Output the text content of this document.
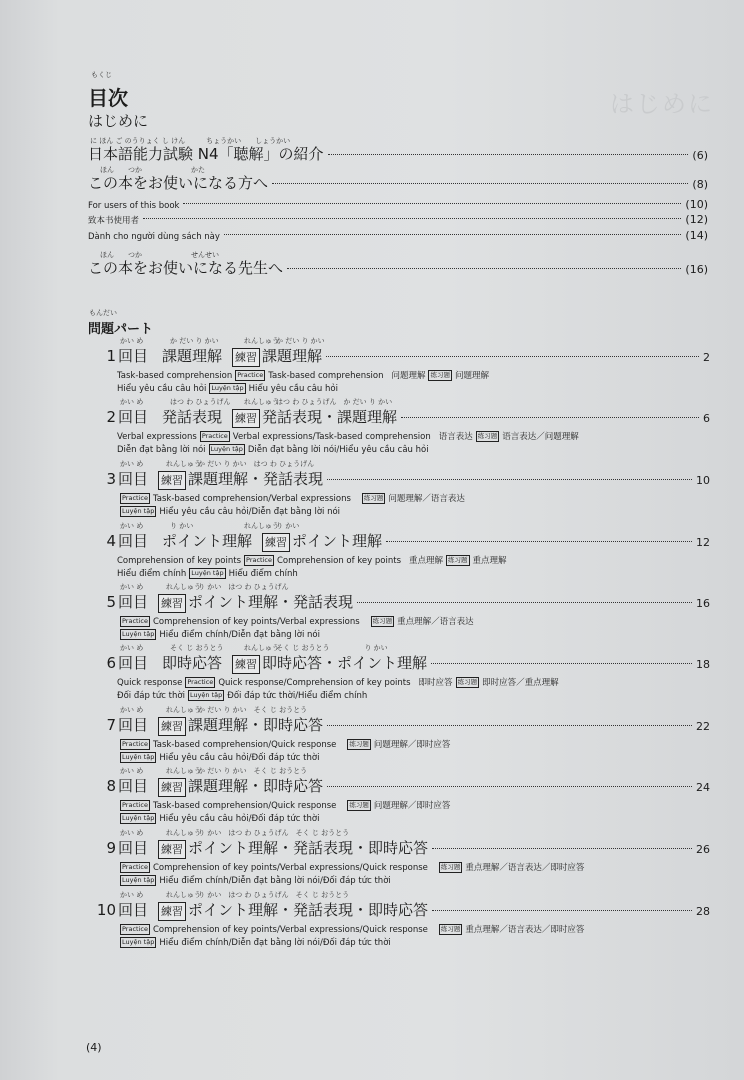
はじめに
もくじ
目次
はじめに
に ほん ご のうりょく し けん　　　ちょうかい　　しょうかい
日本語能力試験 N4「聴解」の紹介	(6)
ほん　　つか　　　　　　　かた
この本をお使いになる方へ	(8)
For users of this book	(10)
致本书使用者	(12)
Dành cho người dùng sách này	(14)
ほん　　つか　　　　　　　せんせい
この本をお使いになる先生へ	(16)
もんだい
問題パート
かい め	か だい り かい	れんしゅう
か だい り かい
1 回目 課題理解 練習 課題理解	2
Task-based comprehension Practice Task-based comprehension 问题理解 练习题 问题理解
Hiểu yêu cầu câu hỏi Luyện tập Hiểu yêu cầu câu hỏi
かい め	はつ わ ひょうげん れんしゅう
はつ わ ひょうげん　か だい り かい
2 回目 発話表現 練習 発話表現・課題理解	6
Verbal expressions Practice Verbal expressions/Task-based comprehension 语言表达 练习题 语言表达／问题理解
Diễn đạt bằng lời nói Luyện tập Diễn đạt bằng lời nói/Hiểu yêu cầu câu hỏi
かい め	れんしゅう
か だい り かい　はつ わ ひょうげん
3 回目 練習 課題理解・発話表現	10
Practice Task-based comprehension/Verbal expressions 练习题 问题理解／语言表达
Luyện tập Hiểu yêu cầu câu hỏi/Diễn đạt bằng lời nói
かい め	り かい	れんしゅう
り かい
4 回目 ポイント理解 練習 ポイント理解	12
Comprehension of key points Practice Comprehension of key points 重点理解 练习题 重点理解
Hiểu điểm chính Luyện tập Hiểu điểm chính
かい め	れんしゅう
り かい　はつ わ ひょうげん
5 回目 練習 ポイント理解・発話表現	16
Practice Comprehension of key points/Verbal expressions 练习题 重点理解／语言表达
Luyện tập Hiểu điểm chính/Diễn đạt bằng lời nói
かい め	そく じ おうとう	れんしゅう
そく じ おうとう　　　　　り かい
6 回目 即時応答 練習 即時応答・ポイント理解	18
Quick response Practice Quick response/Comprehension of key points 即时应答 练习题 即时应答／重点理解
Đối đáp tức thời Luyện tập Đối đáp tức thời/Hiểu điểm chính
かい め	れんしゅう
か だい り かい　そく じ おうとう
7 回目 練習 課題理解・即時応答	22
Practice Task-based comprehension/Quick response 练习题 问题理解／即时应答
Luyện tập Hiểu yêu cầu câu hỏi/Đối đáp tức thời
かい め	れんしゅう
か だい り かい　そく じ おうとう
8 回目 練習 課題理解・即時応答	24
Practice Task-based comprehension/Quick response 练习题 问题理解／即时应答
Luyện tập Hiểu yêu cầu câu hỏi/Đối đáp tức thời
かい め	れんしゅう
り かい　はつ わ ひょうげん　そく じ おうとう
9 回目 練習 ポイント理解・発話表現・即時応答	26
Practice Comprehension of key points/Verbal expressions/Quick response 练习题 重点理解／语言表达／即时应答
Luyện tập Hiểu điểm chính/Diễn đạt bằng lời nói/Đối đáp tức thời
かい め	れんしゅう
り かい　はつ わ ひょうげん　そく じ おうとう
10 回目 練習 ポイント理解・発話表現・即時応答	28
Practice Comprehension of key points/Verbal expressions/Quick response 练习题 重点理解／语言表达／即时应答
Luyện tập Hiểu điểm chính/Diễn đạt bằng lời nói/Đối đáp tức thời
(4)
